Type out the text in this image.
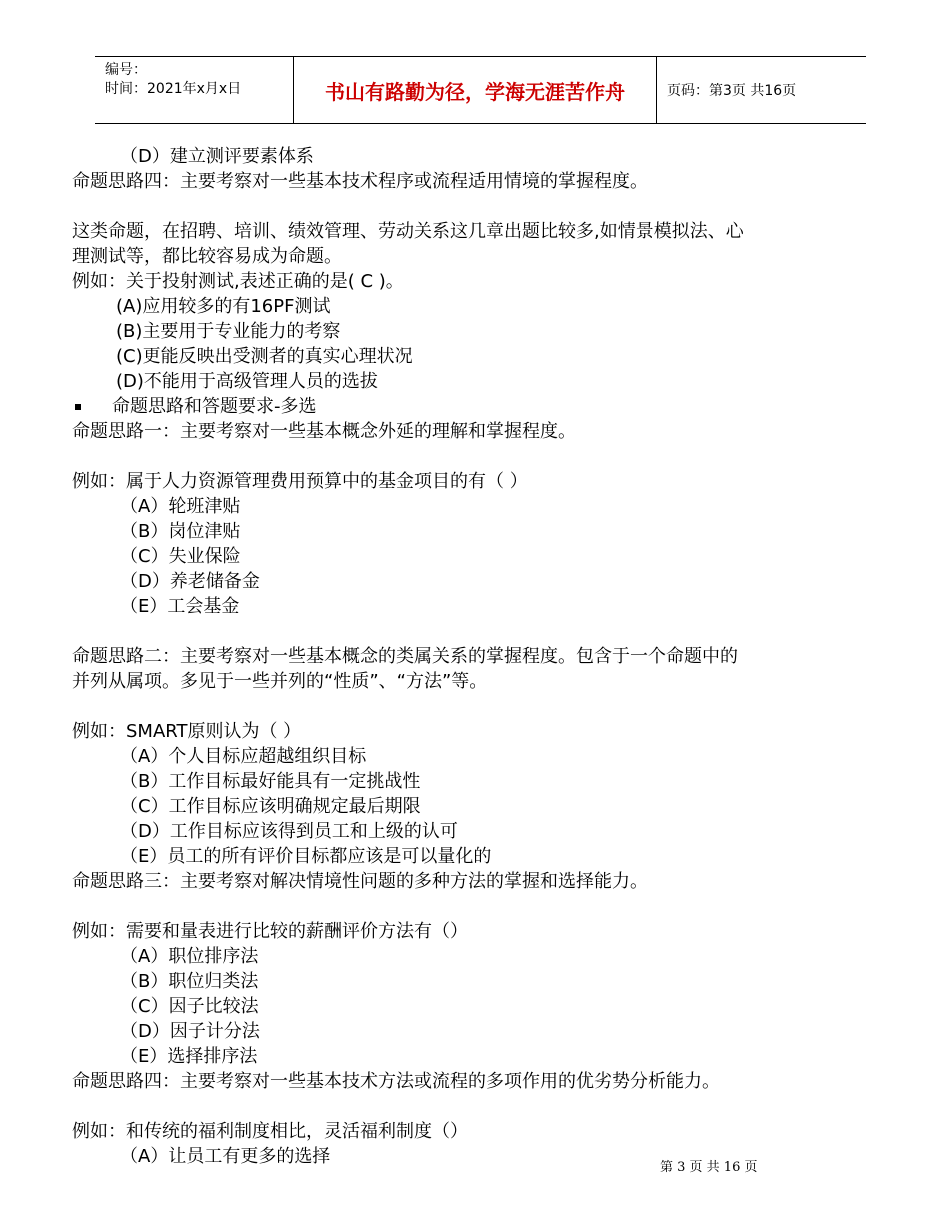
编号：
时间：2021年x月x日	书山有路勤为径，学海无涯苦作舟	页码：第3页 共16页
（D）建立测评要素体系
命题思路四：主要考察对一些基本技术程序或流程适用情境的掌握程度。
这类命题，在招聘、培训、绩效管理、劳动关系这几章出题比较多,如情景模拟法、心
理测试等，都比较容易成为命题。
例如：关于投射测试,表述正确的是( C )。
(A)应用较多的有16PF测试
(B)主要用于专业能力的考察
(C)更能反映出受测者的真实心理状况
(D)不能用于高级管理人员的选拔
命题思路和答题要求-多选
命题思路一：主要考察对一些基本概念外延的理解和掌握程度。
例如：属于人力资源管理费用预算中的基金项目的有（ ）
（A）轮班津贴
（B）岗位津贴
（C）失业保险
（D）养老储备金
（E）工会基金
命题思路二：主要考察对一些基本概念的类属关系的掌握程度。包含于一个命题中的
并列从属项。多见于一些并列的“性质”、“方法”等。
例如：SMART原则认为（ ）
（A）个人目标应超越组织目标
（B）工作目标最好能具有一定挑战性
（C）工作目标应该明确规定最后期限
（D）工作目标应该得到员工和上级的认可
（E）员工的所有评价目标都应该是可以量化的
命题思路三：主要考察对解决情境性问题的多种方法的掌握和选择能力。
例如：需要和量表进行比较的薪酬评价方法有（）
（A）职位排序法
（B）职位归类法
（C）因子比较法
（D）因子计分法
（E）选择排序法
命题思路四：主要考察对一些基本技术方法或流程的多项作用的优劣势分析能力。
例如：和传统的福利制度相比，灵活福利制度（）
（A）让员工有更多的选择
第 3 页 共 16 页
